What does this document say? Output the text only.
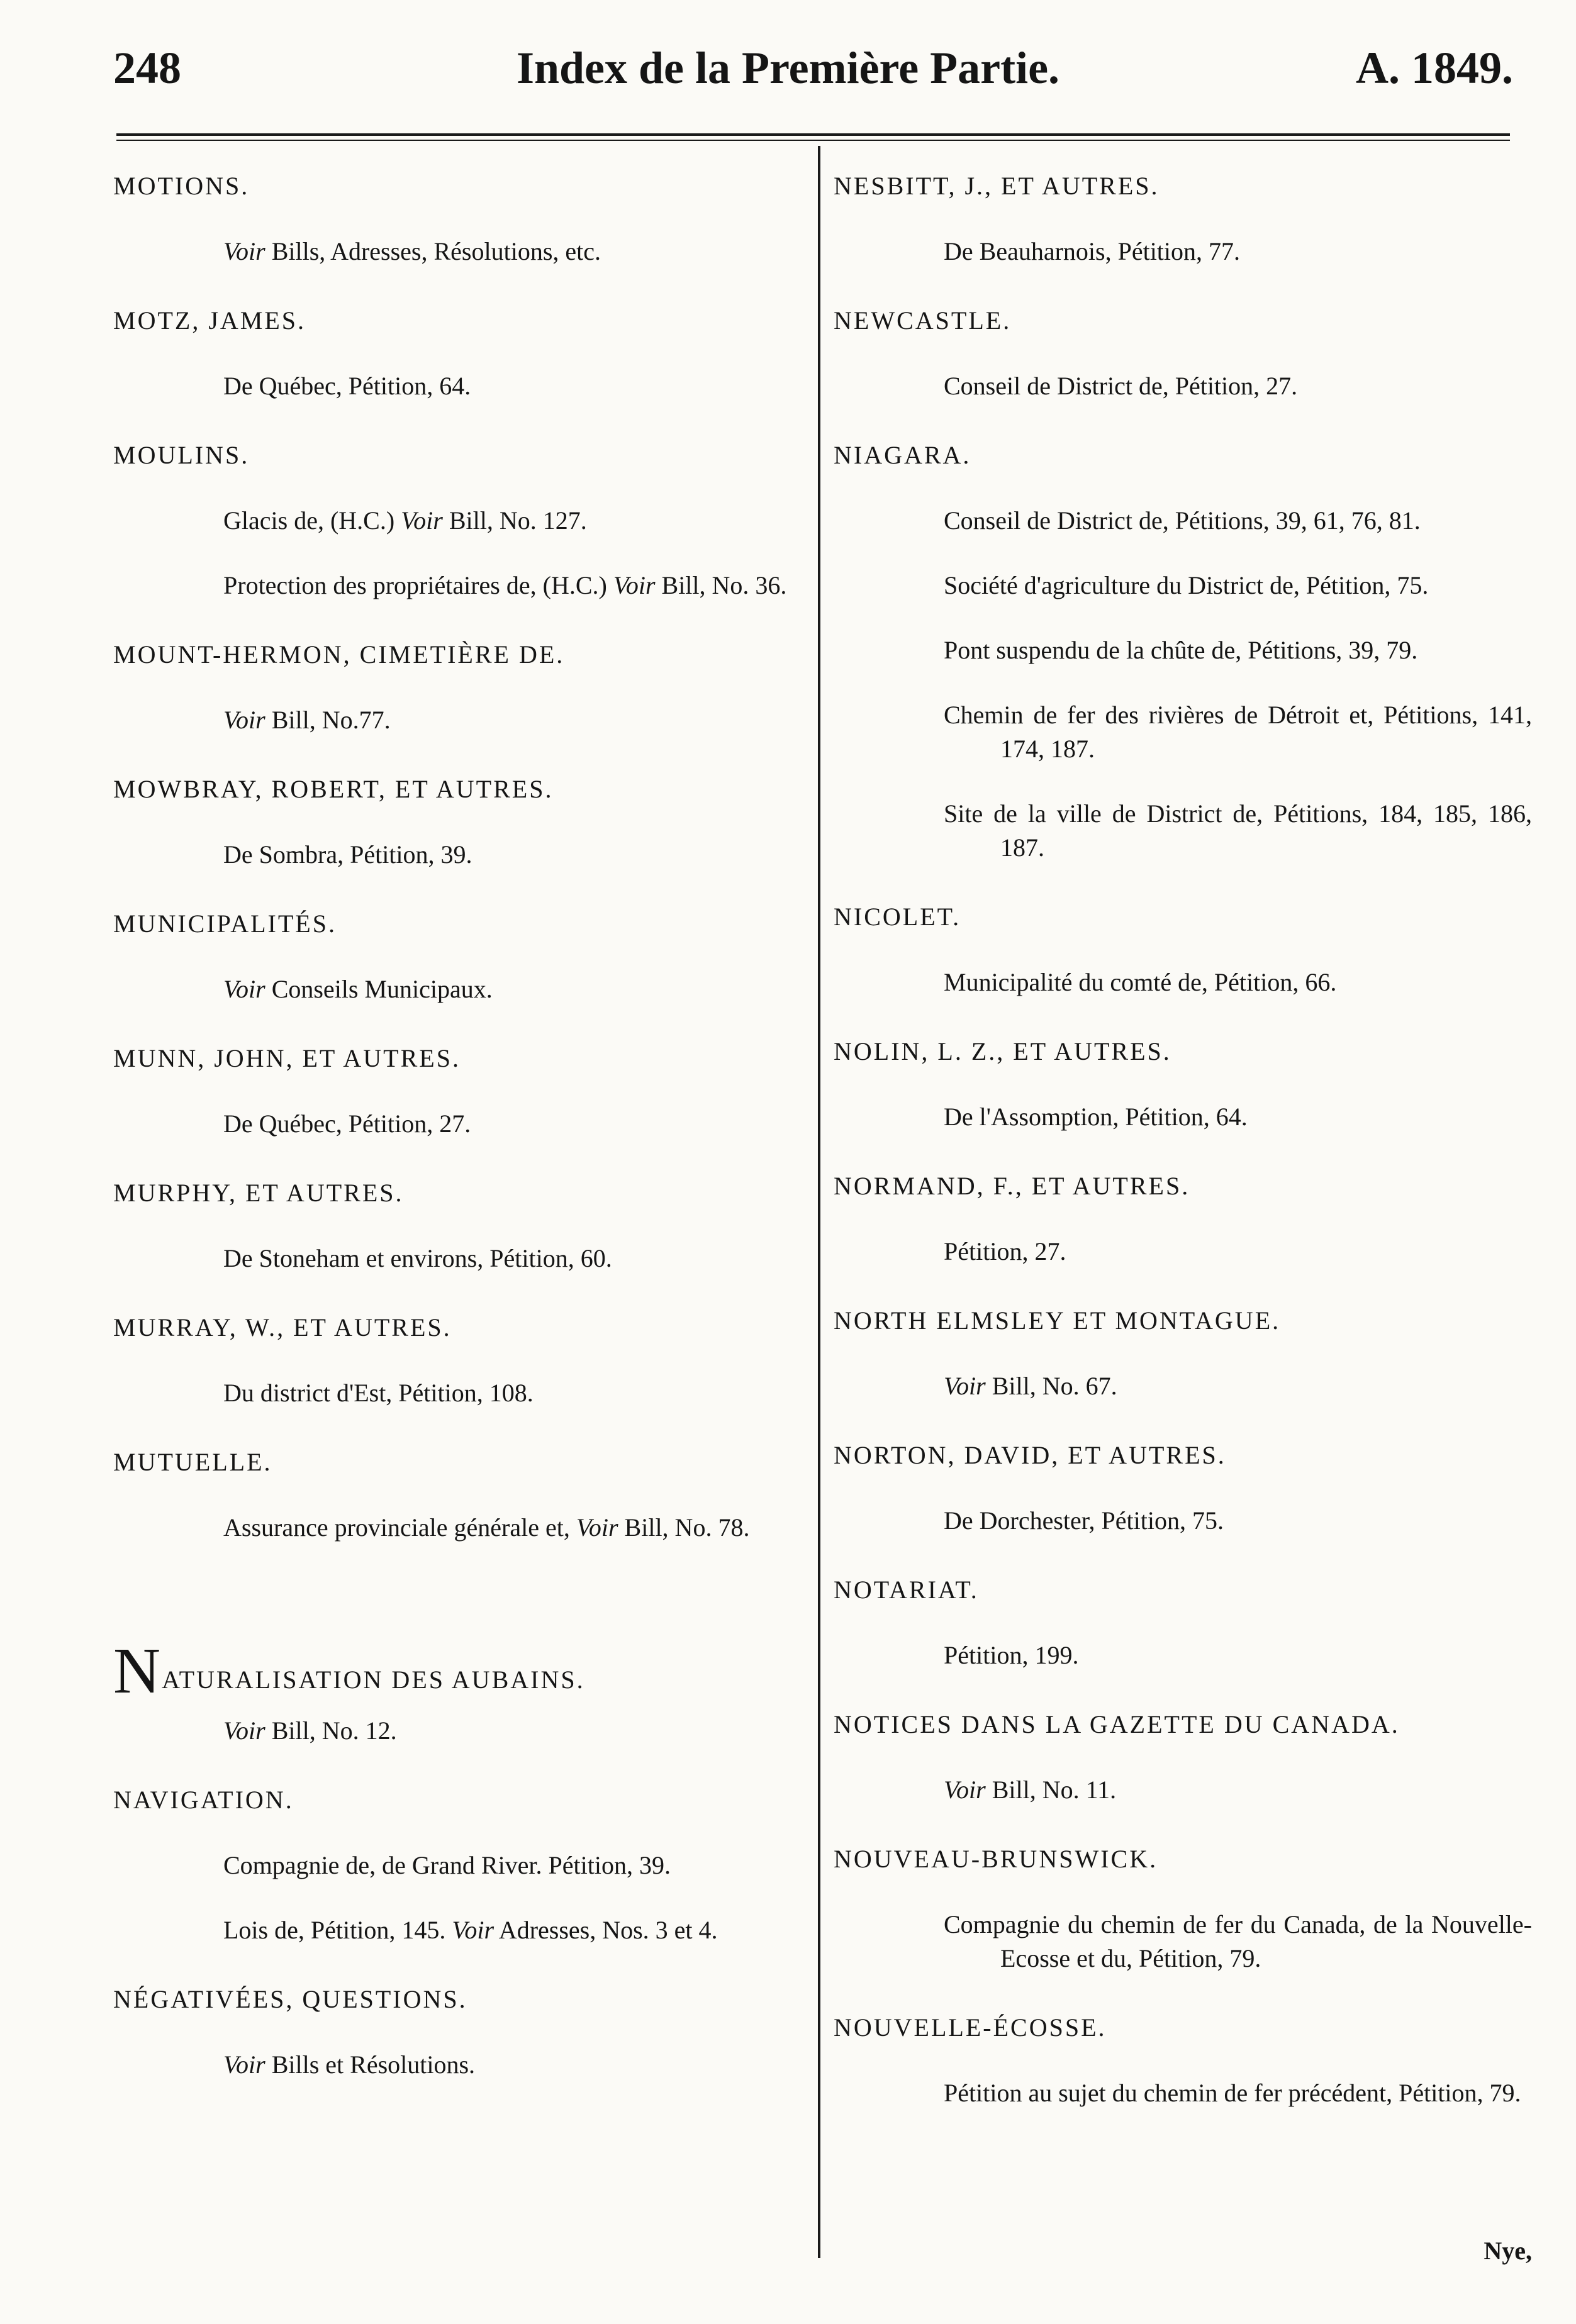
Index de la Première Partie.
248	A. 1849.
MOTIONS.
Voir Bills, Adresses, Résolutions, etc.
MOTZ, JAMES.
De Québec, Pétition, 64.
MOULINS.
Glacis de, (H.C.) Voir Bill, No. 127.
Protection des propriétaires de, (H.C.) Voir Bill, No. 36.
MOUNT-HERMON, CIMETIÈRE DE.
Voir Bill, No.77.
MOWBRAY, ROBERT, ET AUTRES.
De Sombra, Pétition, 39.
MUNICIPALITÉS.
Voir Conseils Municipaux.
MUNN, JOHN, ET AUTRES.
De Québec, Pétition, 27.
MURPHY, ET AUTRES.
De Stoneham et environs, Pétition, 60.
MURRAY, W., ET AUTRES.
Du district d'Est, Pétition, 108.
MUTUELLE.
Assurance provinciale générale et, Voir Bill, No. 78.
N ATURALISATION DES AUBAINS.
Voir Bill, No. 12.
NAVIGATION.
Compagnie de, de Grand River. Pétition, 39.
Lois de, Pétition, 145. Voir Adresses, Nos. 3 et 4.
NÉGATIVÉES, QUESTIONS.
Voir Bills et Résolutions.
NESBITT, J., ET AUTRES.
De Beauharnois, Pétition, 77.
NEWCASTLE.
Conseil de District de, Pétition, 27.
NIAGARA.
Conseil de District de, Pétitions, 39, 61, 76, 81.
Société d'agriculture du District de, Pétition, 75.
Pont suspendu de la chûte de, Pétitions, 39, 79.
Chemin de fer des rivières de Détroit et, Pétitions, 141, 174, 187.
Site de la ville de District de, Pétitions, 184, 185, 186, 187.
NICOLET.
Municipalité du comté de, Pétition, 66.
NOLIN, L. Z., ET AUTRES.
De l'Assomption, Pétition, 64.
NORMAND, F., ET AUTRES.
Pétition, 27.
NORTH ELMSLEY ET MONTAGUE.
Voir Bill, No. 67.
NORTON, DAVID, ET AUTRES.
De Dorchester, Pétition, 75.
NOTARIAT.
Pétition, 199.
NOTICES DANS LA GAZETTE DU CANADA.
Voir Bill, No. 11.
NOUVEAU-BRUNSWICK.
Compagnie du chemin de fer du Canada, de la Nouvelle-Ecosse et du, Pétition, 79.
NOUVELLE-ÉCOSSE.
Pétition au sujet du chemin de fer précédent, Pétition, 79.
Nye,
